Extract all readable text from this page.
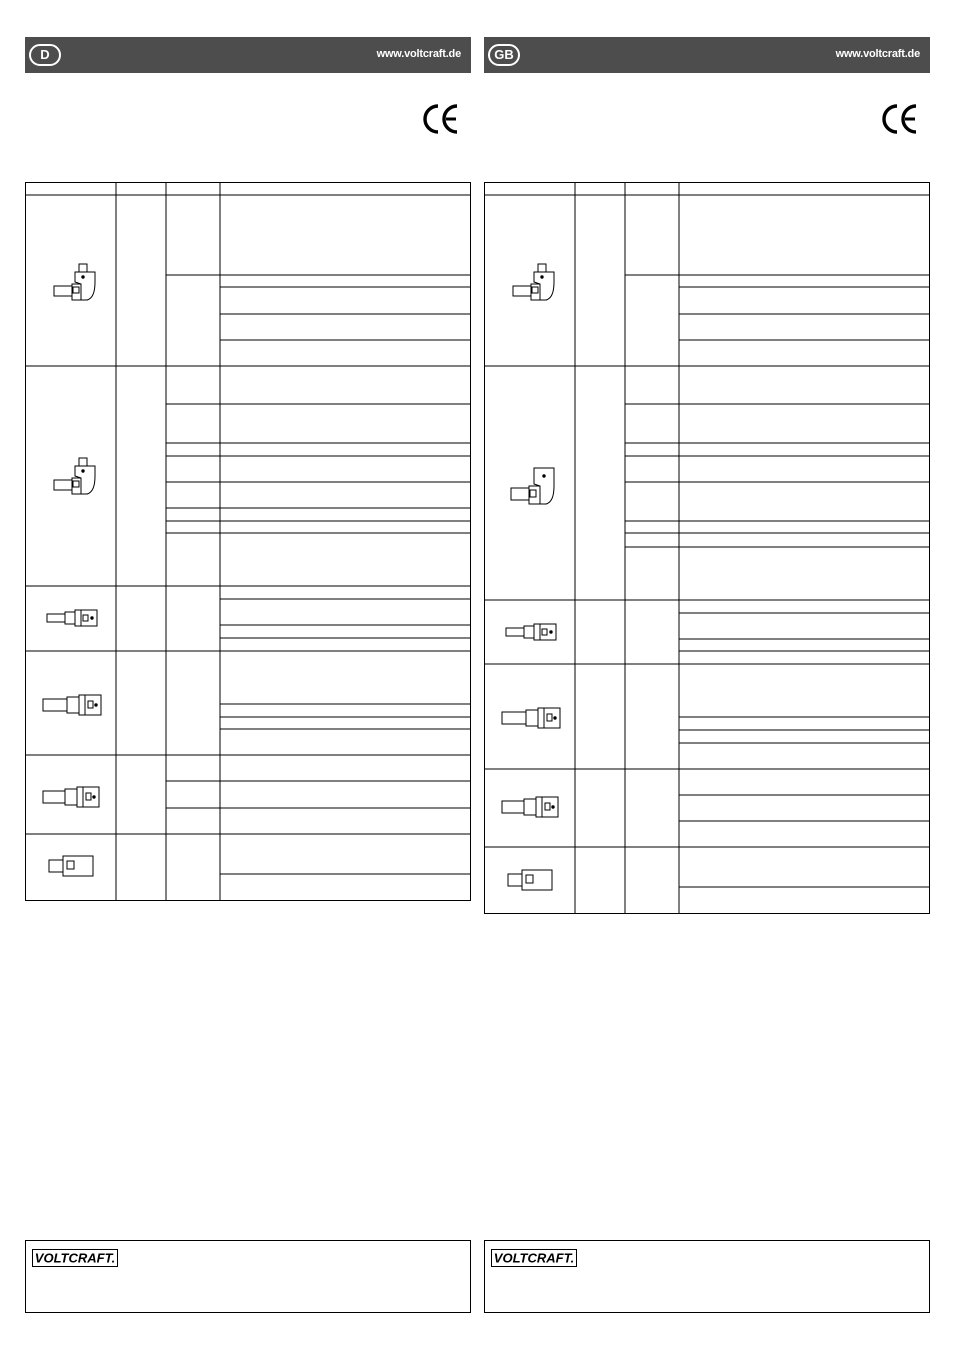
D	www.voltcraft.de
VOLTCRAFT.
GB	www.voltcraft.de
VOLTCRAFT.
